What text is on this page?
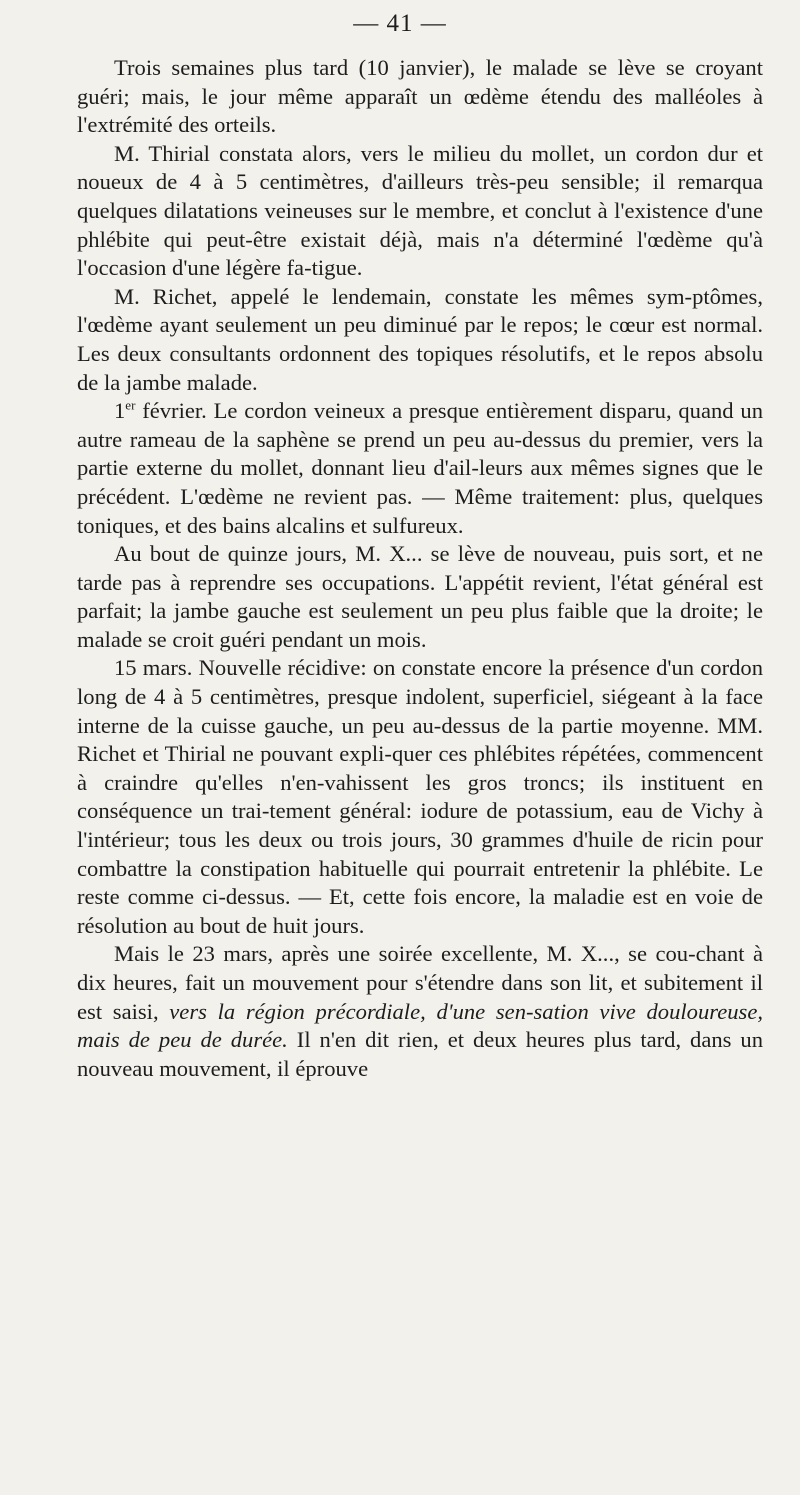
— 41 —

Trois semaines plus tard (10 janvier), le malade se lève se croyant guéri; mais, le jour même apparaît un œdème étendu des malléoles à l'extrémité des orteils.

M. Thirial constata alors, vers le milieu du mollet, un cordon dur et noueux de 4 à 5 centimètres, d'ailleurs très-peu sensible; il remarqua quelques dilatations veineuses sur le membre, et conclut à l'existence d'une phlébite qui peut-être existait déjà, mais n'a déterminé l'œdème qu'à l'occasion d'une légère fa-tigue.

M. Richet, appelé le lendemain, constate les mêmes sym-ptômes, l'œdème ayant seulement un peu diminué par le repos; le cœur est normal. Les deux consultants ordonnent des topiques résolutifs, et le repos absolu de la jambe malade.

1er février. Le cordon veineux a presque entièrement disparu, quand un autre rameau de la saphène se prend un peu au-dessus du premier, vers la partie externe du mollet, donnant lieu d'ail-leurs aux mêmes signes que le précédent. L'œdème ne revient pas. — Même traitement: plus, quelques toniques, et des bains alcalins et sulfureux.

Au bout de quinze jours, M. X... se lève de nouveau, puis sort, et ne tarde pas à reprendre ses occupations. L'appétit revient, l'état général est parfait; la jambe gauche est seulement un peu plus faible que la droite; le malade se croit guéri pendant un mois.

15 mars. Nouvelle récidive: on constate encore la présence d'un cordon long de 4 à 5 centimètres, presque indolent, superficiel, siégeant à la face interne de la cuisse gauche, un peu au-dessus de la partie moyenne. MM. Richet et Thirial ne pouvant expli-quer ces phlébites répétées, commencent à craindre qu'elles n'en-vahissent les gros troncs; ils instituent en conséquence un trai-tement général: iodure de potassium, eau de Vichy à l'intérieur; tous les deux ou trois jours, 30 grammes d'huile de ricin pour combattre la constipation habituelle qui pourrait entretenir la phlébite. Le reste comme ci-dessus. — Et, cette fois encore, la maladie est en voie de résolution au bout de huit jours.

Mais le 23 mars, après une soirée excellente, M. X..., se cou-chant à dix heures, fait un mouvement pour s'étendre dans son lit, et subitement il est saisi, vers la région précordiale, d'une sen-sation vive douloureuse, mais de peu de durée. Il n'en dit rien, et deux heures plus tard, dans un nouveau mouvement, il éprouve
